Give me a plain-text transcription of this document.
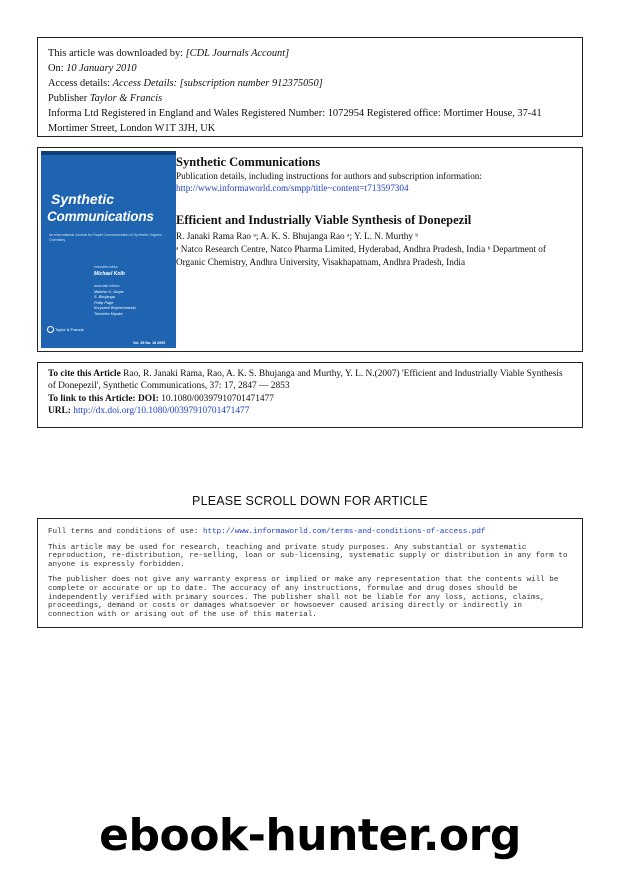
This article was downloaded by: [CDL Journals Account]
On: 10 January 2010
Access details: Access Details: [subscription number 912375050]
Publisher Taylor & Francis
Informa Ltd Registered in England and Wales Registered Number: 1072954 Registered office: Mortimer House, 37-41 Mortimer Street, London W1T 3JH, UK
Synthetic
Communications
An International Journal for Rapid Communication of Synthetic Organic Chemistry
executive editor
Michael Kolb
associate editors
Mahesh K. Gurjar
S. Bhujanga
Philip Page
Krzysztof Wojciechowski
Tomohiro Miyake
Taylor & Francis
Vol. 35 No. 18 2005
Synthetic Communications
Publication details, including instructions for authors and subscription information:
http://www.informaworld.com/smpp/title~content=t713597304
Efficient and Industrially Viable Synthesis of Donepezil
R. Janaki Rama Rao ᵃ; A. K. S. Bhujanga Rao ᵃ; Y. L. N. Murthy ᵇ
ᵃ Natco Research Centre, Natco Pharma Limited, Hyderabad, Andhra Pradesh, India ᵇ Department of Organic Chemistry, Andhra University, Visakhapatnam, Andhra Pradesh, India
To cite this Article Rao, R. Janaki Rama, Rao, A. K. S. Bhujanga and Murthy, Y. L. N.(2007) 'Efficient and Industrially Viable Synthesis of Donepezil', Synthetic Communications, 37: 17, 2847 — 2853
To link to this Article: DOI: 10.1080/00397910701471477
URL: http://dx.doi.org/10.1080/00397910701471477
PLEASE SCROLL DOWN FOR ARTICLE

Full terms and conditions of use: http://www.informaworld.com/terms-and-conditions-of-access.pdf

This article may be used for research, teaching and private study purposes. Any substantial or systematic reproduction, re-distribution, re-selling, loan or sub-licensing, systematic supply or distribution in any form to anyone is expressly forbidden.

The publisher does not give any warranty express or implied or make any representation that the contents will be complete or accurate or up to date. The accuracy of any instructions, formulae and drug doses should be independently verified with primary sources. The publisher shall not be liable for any loss, actions, claims, proceedings, demand or costs or damages whatsoever or howsoever caused arising directly or indirectly in connection with or arising out of the use of this material.

ebook-hunter.org
